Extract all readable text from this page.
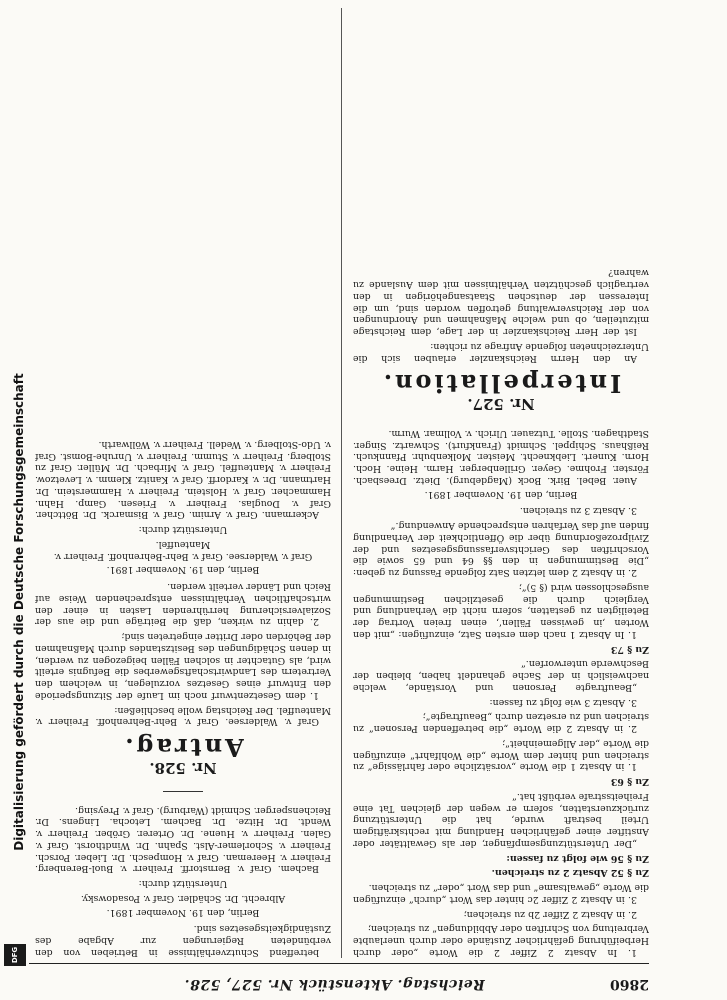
2860
Reichstag. Aktenstück Nr. 527, 528.

1. In Absatz 2 Ziffer 2 die Worte „oder durch Herbeiführung gefährlicher Zustände oder durch unerlaubte Verbreitung von Schriften oder Abbildungen“ zu streichen;

2. in Absatz 2 Ziffer 2b zu streichen;

3. in Absatz 2 Ziffer 2c hinter das Wort „durch“ einzufügen die Worte „gewaltsame“ und das Wort „oder“ zu streichen.

Zu § 52 Absatz 2 zu streichen.

Zu § 56 wie folgt zu fassen:

„Der Unterstützungsempfänger, der als Gewalttäter oder Anstifter einer gefährlichen Handlung mit rechtskräftigem Urteil bestraft wurde, hat die Unterstützung zurückzuerstatten, sofern er wegen der gleichen Tat eine Freiheitsstrafe verbüßt hat.“

Zu § 63

1. in Absatz 1 die Worte „vorsätzliche oder fahrlässige“ zu streichen und hinter dem Worte „die Wohlfahrt“ einzufügen die Worte „der Allgemeinheit“;

2. in Absatz 2 die Worte „die betreffenden Personen“ zu streichen und zu ersetzen durch „Beauftragte“;

3. Absatz 3 wie folgt zu fassen:

„Beauftragte Personen und Vorstände, welche nachweislich in der Sache gehandelt haben, bleiben der Beschwerde unterworfen.“

Zu § 73

1. In Absatz 1 nach dem ersten Satz, einzufügen: „mit den Worten ‚in gewissen Fällen‘, einen freien Vortrag der Beteiligten zu gestatten, sofern nicht die Verhandlung und Vergleich durch die gesetzlichen Bestimmungen ausgeschlossen wird (§ 5)“;

2. in Absatz 2 dem letzten Satz folgende Fassung zu geben: „Die Bestimmungen in den §§ 64 und 65 sowie die Vorschriften des Gerichtsverfassungsgesetzes und der Zivilprozeßordnung über die Öffentlichkeit der Verhandlung finden auf das Verfahren entsprechende Anwendung.“

3. Absatz 3 zu streichen.

Berlin, den 19. November 1891.

Auer. Bebel. Birk. Bock (Magdeburg). Dietz. Dreesbach. Förster. Frohme. Geyer. Grillenberger. Harm. Heine. Hoch. Horn. Kunert. Liebknecht. Meister. Molkenbuhr. Pfannkuch. Reißhaus. Schippel. Schmidt (Frankfurt). Schwartz. Singer. Stadthagen. Stolle. Tutzauer. Ulrich. v. Vollmar. Wurm.

Nr. 527.

Interpellation.

An den Herrn Reichskanzler erlauben sich die Unterzeichneten folgende Anfrage zu richten:

Ist der Herr Reichskanzler in der Lage, dem Reichstage mitzuteilen, ob und welche Maßnahmen und Anordnungen von der Reichsverwaltung getroffen worden sind, um die Interessen der deutschen Staatsangehörigen in den vertraglich geschützten Verhältnissen mit dem Auslande zu wahren?

betreffend Schutzverhältnisse in Betrieben von den verbündeten Regierungen zur Abgabe des Zuständigkeitsgesetzes sind.

Berlin, den 19. November 1891.

Albrecht. Dr. Schädler. Graf v. Posadowsky.

Unterstützt durch:

Bachem. Graf v. Bernstorff. Freiherr v. Buol-Berenberg. Freiherr v. Heereman. Graf v. Hompesch. Dr. Lieber. Porsch. Freiherr v. Schorlemer-Alst. Spahn. Dr. Windthorst. Graf v. Galen. Freiherr v. Huene. Dr. Orterer. Gröber. Freiherr v. Wendt. Dr. Hitze. Dr. Bachem. Letocha. Lingens. Dr. Reichensperger. Schmidt (Warburg). Graf v. Preysing.

Nr. 528.

Antrag.

Graf v. Waldersee. Graf v. Behr-Behrenhoff. Freiherr v. Manteuffel. Der Reichstag wolle beschließen:

1. dem Gesetzentwurf noch im Laufe der Sitzungsperiode den Entwurf eines Gesetzes vorzulegen, in welchem den Vertretern des Landwirtschaftsgewerbes die Befugnis erteilt wird, als Gutachter in solchen Fällen beigezogen zu werden, in denen Schädigungen des Besitzstandes durch Maßnahmen der Behörden oder Dritter eingetreten sind;

2. dahin zu wirken, daß die Beiträge und die aus der Sozialversicherung herrührenden Lasten in einer den wirtschaftlichen Verhältnissen entsprechenden Weise auf Reich und Länder verteilt werden.

Berlin, den 19. November 1891.

Graf v. Waldersee. Graf v. Behr-Behrenhoff. Freiherr v. Manteuffel.

Unterstützt durch:

Ackermann. Graf v. Arnim. Graf v. Bismarck. Dr. Böttcher. Graf v. Douglas. Freiherr v. Friesen. Gamp. Hahn. Hammacher. Graf v. Holstein. Freiherr v. Hammerstein. Dr. Hartmann. Dr. v. Kardorff. Graf v. Kanitz. Klemm. v. Levetzow. Freiherr v. Manteuffel. Graf v. Mirbach. Dr. Müller. Graf zu Stolberg. Freiherr v. Stumm. Freiherr v. Unruhe-Bomst. Graf v. Udo-Stolberg. v. Wedell. Freiherr v. Wöllwarth.

Digitalisierung gefördert durch die Deutsche Forschungsgemeinschaft
DFG
